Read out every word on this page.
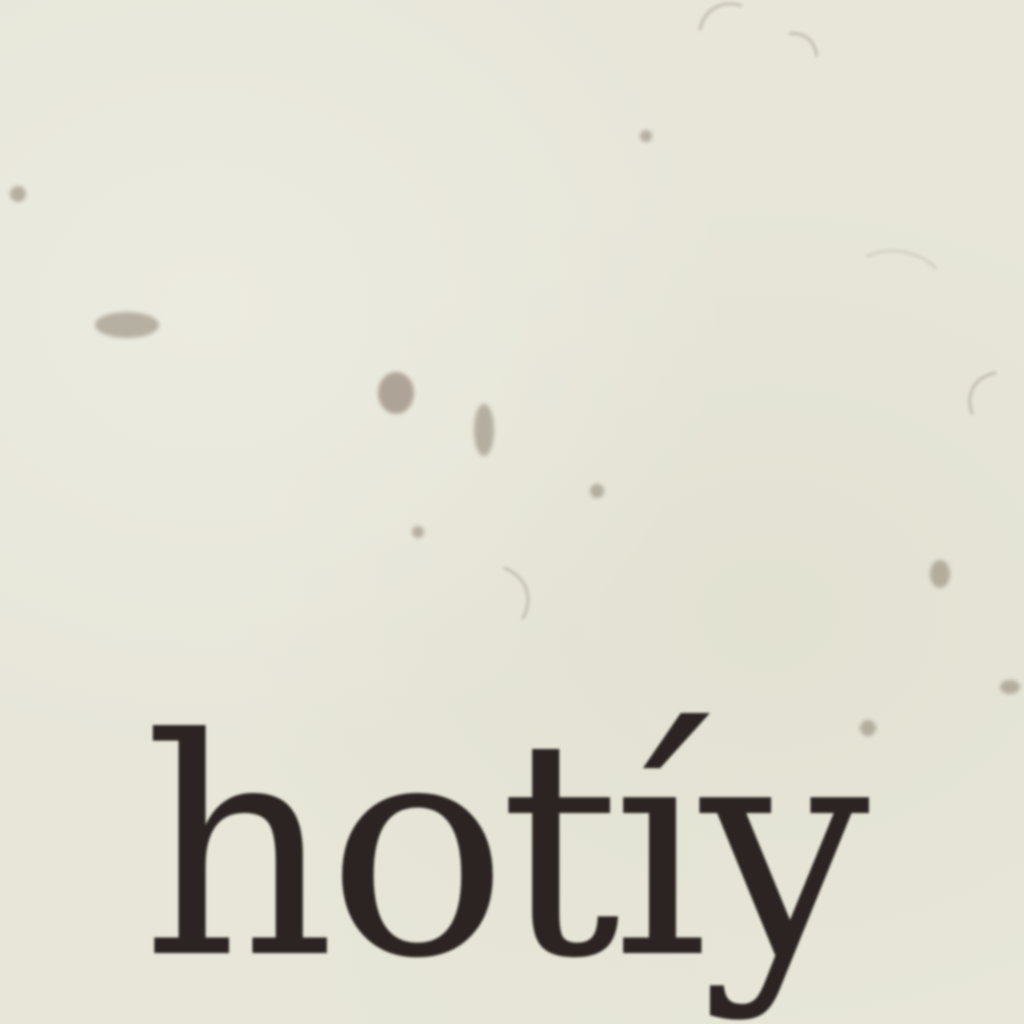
hotíy
